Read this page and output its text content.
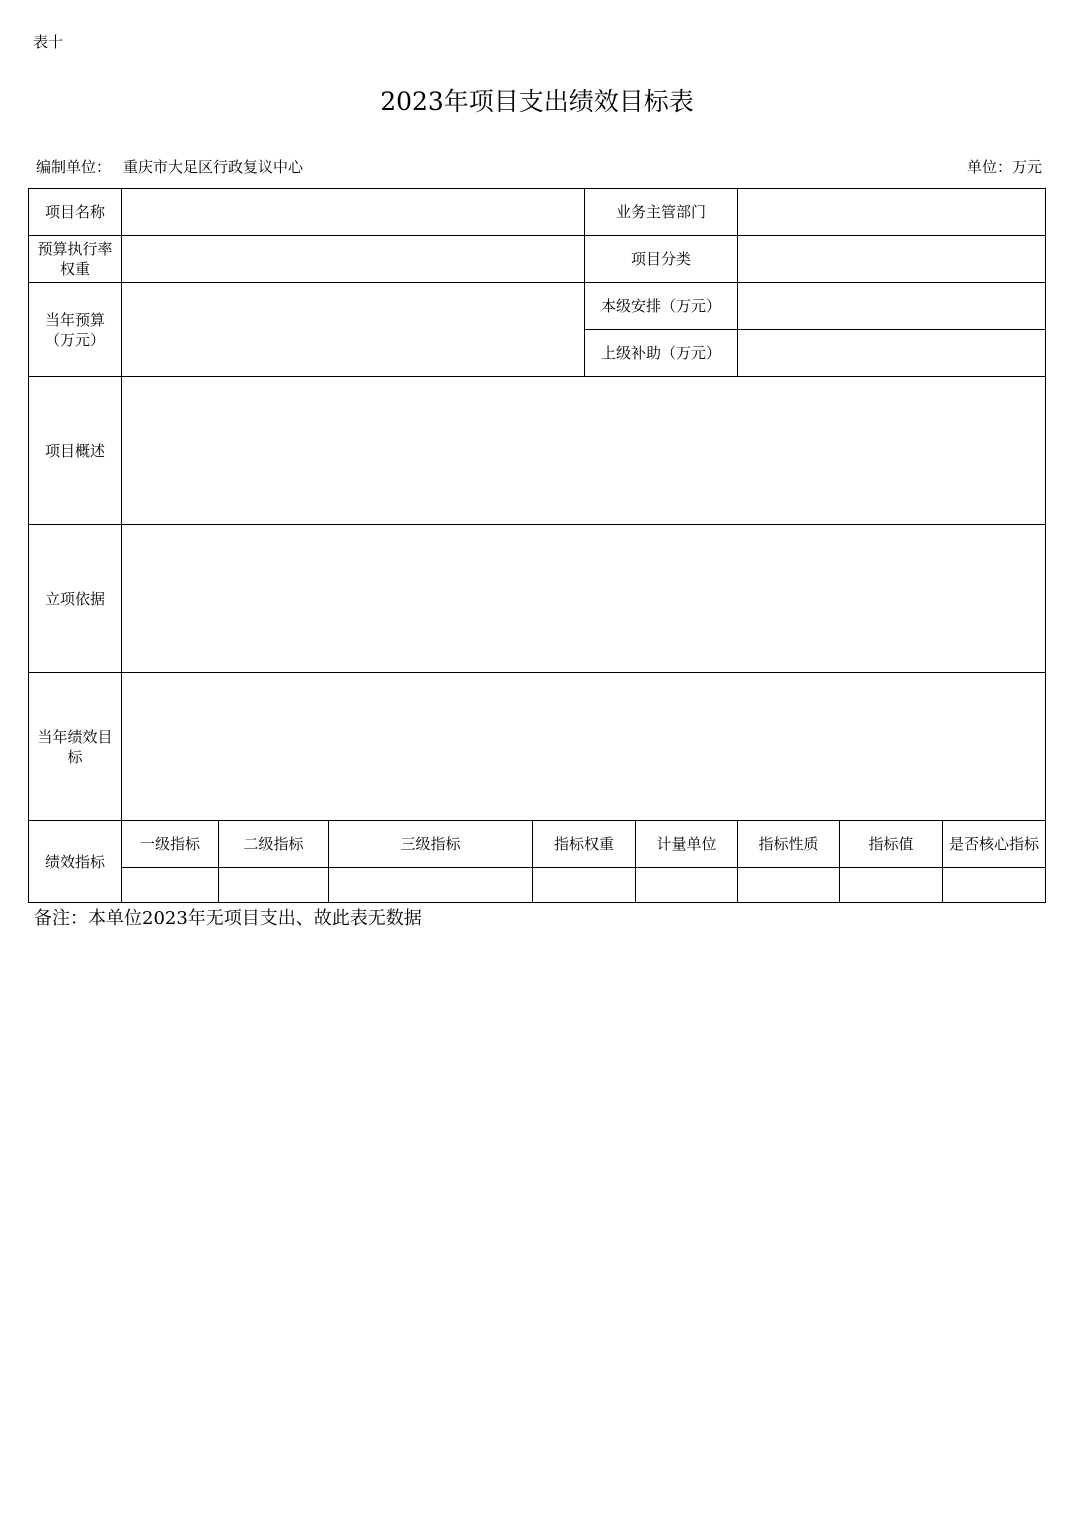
表十
2023年项目支出绩效目标表
编制单位： 重庆市大足区行政复议中心	单位：万元
项目名称					业务主管部门				
预算执行率权重					项目分类				
当年预算（万元）					本级安排（万元）				
					上级补助（万元）				
项目概述									
立项依据									
当年绩效目标									
绩效指标	一级指标	二级指标	三级指标	指标权重		计量单位	指标性质	指标值	是否核心指标

备注：本单位2023年无项目支出、故此表无数据
